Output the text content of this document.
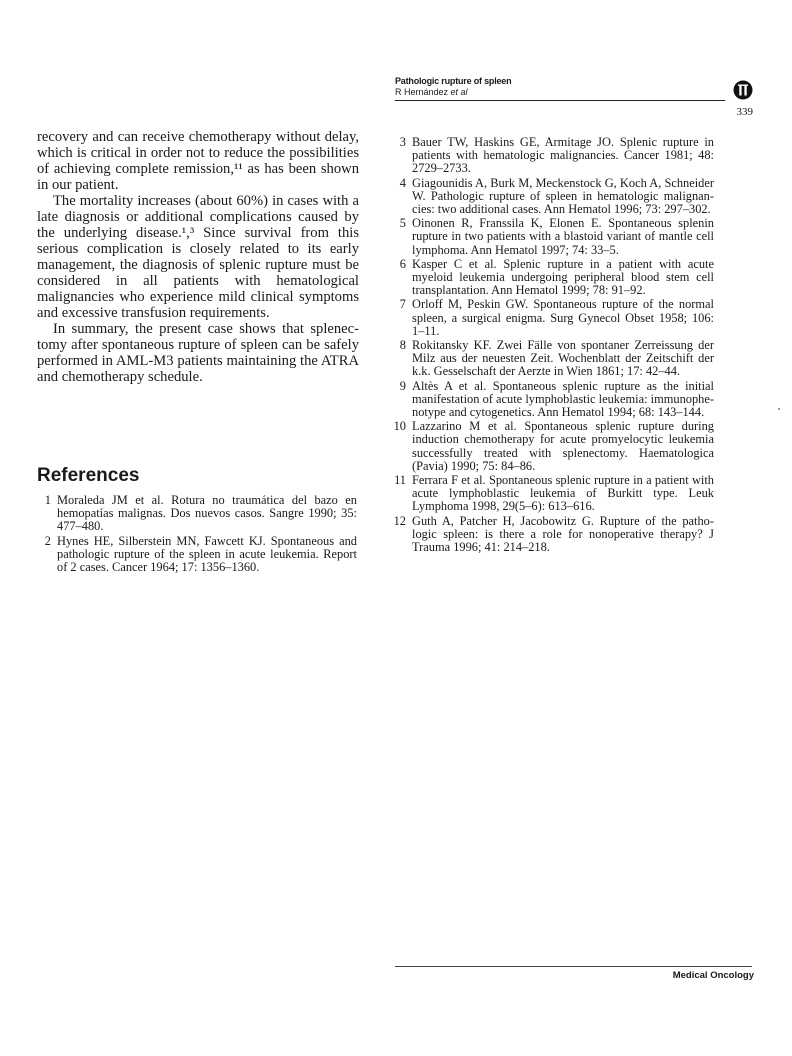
Pathologic rupture of spleen
R Hernández et al
339

recovery and can receive chemotherapy without delay, which is critical in order not to reduce the possibilities of achieving complete remission,¹¹ as has been shown in our patient.

The mortality increases (about 60%) in cases with a late diagnosis or additional complications caused by the underlying disease.¹,³ Since survival from this serious complication is closely related to its early management, the diagnosis of splenic rupture must be considered in all patients with hematological malignancies who experience mild clinical symptoms and excessive transfusion requirements.

In summary, the present case shows that splenec-tomy after spontaneous rupture of spleen can be safely performed in AML-M3 patients maintaining the ATRA and chemotherapy schedule.

References
1 Moraleda JM et al. Rotura no traumática del bazo en hemopatías malignas. Dos nuevos casos. Sangre 1990; 35: 477–480.
2 Hynes HE, Silberstein MN, Fawcett KJ. Spontaneous and pathologic rupture of the spleen in acute leukemia. Report of 2 cases. Cancer 1964; 17: 1356–1360.
3 Bauer TW, Haskins GE, Armitage JO. Splenic rupture in patients with hematologic malignancies. Cancer 1981; 48: 2729–2733.
4 Giagounidis A, Burk M, Meckenstock G, Koch A, Schneider W. Pathologic rupture of spleen in hematologic malignan-cies: two additional cases. Ann Hematol 1996; 73: 297–302.
5 Oinonen R, Franssila K, Elonen E. Spontaneous splenin rupture in two patients with a blastoid variant of mantle cell lymphoma. Ann Hematol 1997; 74: 33–5.
6 Kasper C et al. Splenic rupture in a patient with acute myeloid leukemia undergoing peripheral blood stem cell transplantation. Ann Hematol 1999; 78: 91–92.
7 Orloff M, Peskin GW. Spontaneous rupture of the normal spleen, a surgical enigma. Surg Gynecol Obset 1958; 106: 1–11.
8 Rokitansky KF. Zwei Fälle von spontaner Zerreissung der Milz aus der neuesten Zeit. Wochenblatt der Zeitschift der k.k. Gesselschaft der Aerzte in Wien 1861; 17: 42–44.
9 Altès A et al. Spontaneous splenic rupture as the initial manifestation of acute lymphoblastic leukemia: immunophe-notype and cytogenetics. Ann Hematol 1994; 68: 143–144.
10 Lazzarino M et al. Spontaneous splenic rupture during induction chemotherapy for acute promyelocytic leukemia successfully treated with splenectomy. Haematologica (Pavia) 1990; 75: 84–86.
11 Ferrara F et al. Spontaneous splenic rupture in a patient with acute lymphoblastic leukemia of Burkitt type. Leuk Lymphoma 1998, 29(5–6): 613–616.
12 Guth A, Patcher H, Jacobowitz G. Rupture of the patho-logic spleen: is there a role for nonoperative therapy? J Trauma 1996; 41: 214–218.
Medical Oncology
